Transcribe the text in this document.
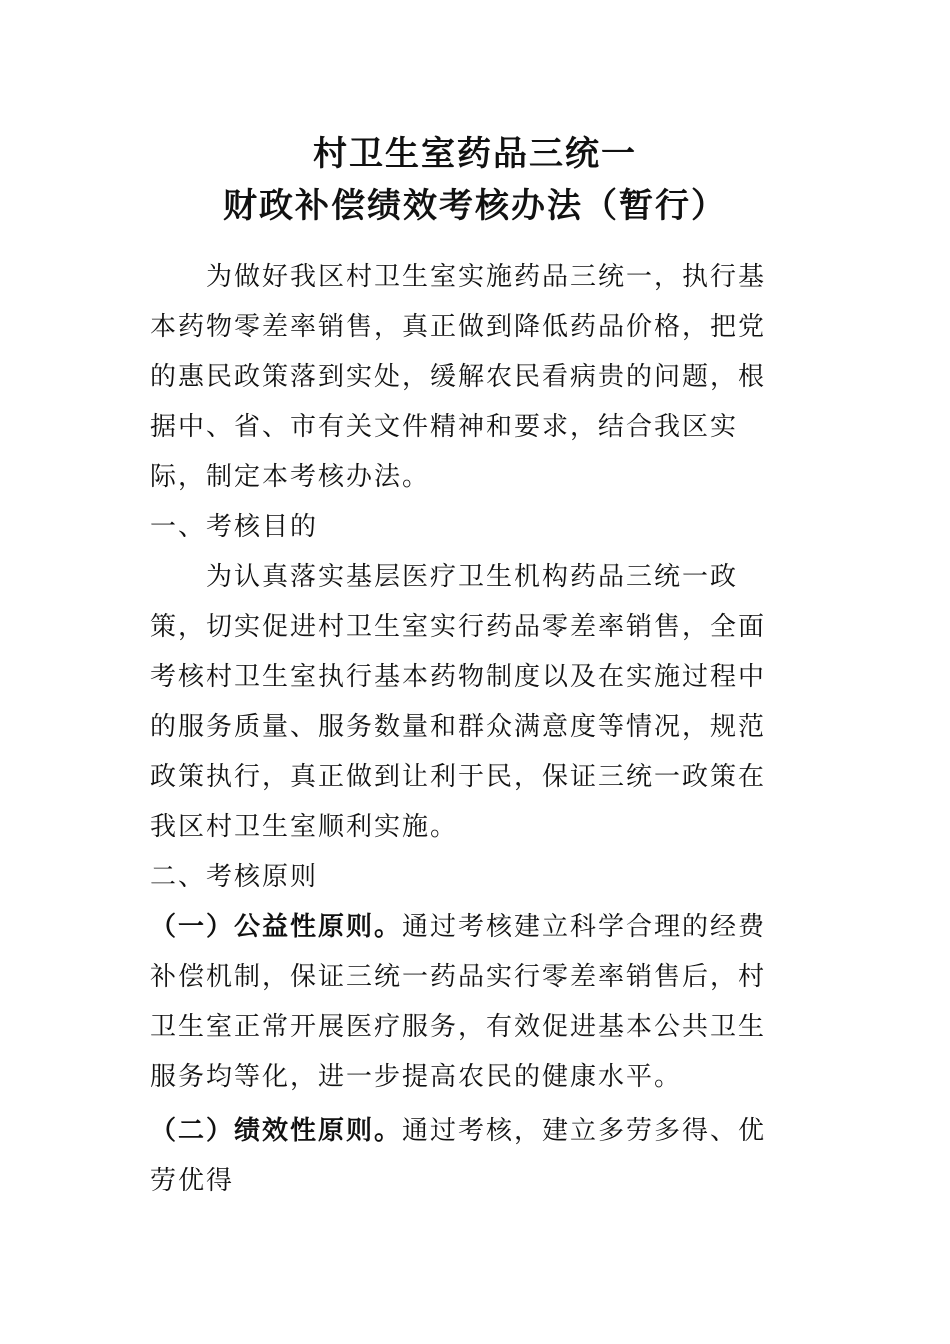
村卫生室药品三统一
财政补偿绩效考核办法（暂行）
为做好我区村卫生室实施药品三统一，执行基
本药物零差率销售，真正做到降低药品价格，把党
的惠民政策落到实处，缓解农民看病贵的问题，根
据中、省、市有关文件精神和要求，结合我区实
际，制定本考核办法。
一、考核目的
为认真落实基层医疗卫生机构药品三统一政
策，切实促进村卫生室实行药品零差率销售，全面
考核村卫生室执行基本药物制度以及在实施过程中
的服务质量、服务数量和群众满意度等情况，规范
政策执行，真正做到让利于民，保证三统一政策在
我区村卫生室顺利实施。
二、考核原则
（一）公益性原则。通过考核建立科学合理的经费
补偿机制，保证三统一药品实行零差率销售后，村
卫生室正常开展医疗服务，有效促进基本公共卫生
服务均等化，进一步提高农民的健康水平。
（二）绩效性原则。通过考核，建立多劳多得、优
劳优得
